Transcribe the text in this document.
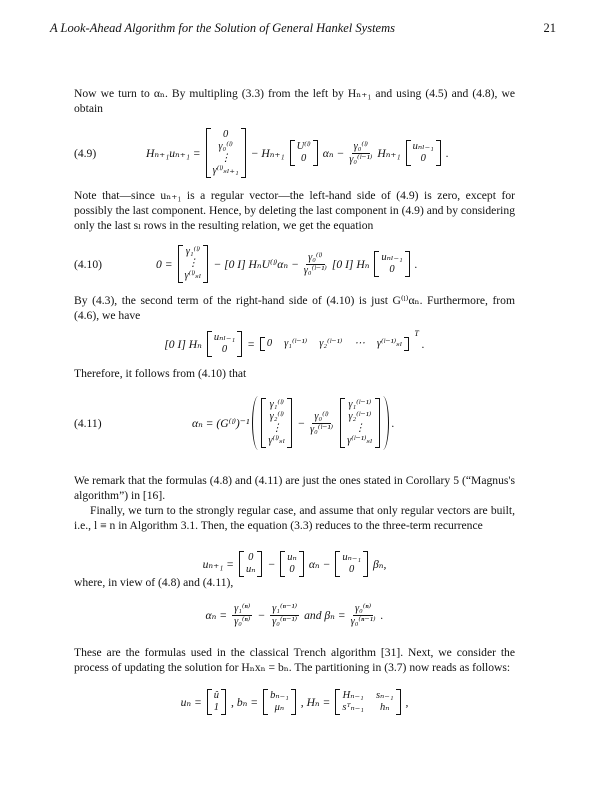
A Look-Ahead Algorithm for the Solution of General Hankel Systems	21
Now we turn to αₙ. By multipling (3.3) from the left by Hₙ₊₁ and using (4.5) and (4.8), we obtain
(4.9)	Hₙ₊₁uₙ₊₁ =
0
γ₀⁽ˡ⁾
⋮
γ⁽ˡ⁾ₛₗ₊₁
− Hₙ₊₁
U⁽ˡ⁾
0	$\alpha_n - \frac{\text{γ₀⁽ˡ⁾}}{\text{γ₀⁽ˡ⁻¹⁾}} H_{n+1}$
uₙₗ₋₁
0	.
Note that—since uₙ₊₁ is a regular vector—the left-hand side of (4.9) is zero, except for possibly the last component. Hence, by deleting the last component in (4.9) and by considering only the last sₗ rows in the resulting relation, we get the equation
(4.10)	0 =
γ₁⁽ˡ⁾
⋮
γ⁽ˡ⁾ₛₗ
− [0 I] HₙU⁽ˡ⁾αₙ − $\frac{\text{γ₀⁽ˡ⁾}}{\text{γ₀⁽ˡ⁻¹⁾}} [0$ I] Hₙ
uₙₗ₋₁
0	.
By (4.3), the second term of the right-hand side of (4.10) is just G⁽ˡ⁾αₙ. Furthermore, from (4.6), we have
[0 I] Hₙ
uₙₗ₋₁
0	= 0 γ₁⁽ˡ⁻¹⁾ γ₂⁽ˡ⁻¹⁾ ⋯ γ⁽ˡ⁻¹⁾ₛₗ
T
.
Therefore, it follows from (4.10) that
(4.11)	αₙ = (G⁽ˡ⁾)⁻¹
γ₁⁽ˡ⁾
γ₂⁽ˡ⁾
⋮
γ⁽ˡ⁾ₛₗ
− $\frac{\text{γ₀⁽ˡ⁾}}{\text{γ₀⁽ˡ⁻¹⁾}}$
γ₁⁽ˡ⁻¹⁾
γ₂⁽ˡ⁻¹⁾
⋮
γ⁽ˡ⁻¹⁾ₛₗ
.
We remark that the formulas (4.8) and (4.11) are just the ones stated in Corollary 5 (“Magnus's algorithm”) in [16].
Finally, we turn to the strongly regular case, and assume that only regular vectors are built, i.e., l ≡ n in Algorithm 3.1. Then, the equation (3.3) reduces to the three-term recurrence
uₙ₊₁ =
0
uₙ − uₙ
0 αₙ −
uₙ₋₁
0	βₙ,
where, in view of (4.8) and (4.11),
$\alpha_n = \frac{\text{γ₁⁽ⁿ⁾}}{\text{γ₀⁽ⁿ⁾}} - \frac{\text{γ₁⁽ⁿ⁻¹⁾}}{\text{γ₀⁽ⁿ⁻¹⁾}}$ and $\beta_n = \frac{\text{γ₀⁽ⁿ⁾}}{\text{γ₀⁽ⁿ⁻¹⁾}}$ .
These are the formulas used in the classical Trench algorithm [31]. Next, we consider the process of updating the solution for Hₙxₙ = bₙ. The partitioning in (3.7) now reads as follows:
uₙ =
û
1 , bₙ =
bₙ₋₁
μₙ	, Hₙ =
Hₙ₋₁ sₙ₋₁
sᵀₙ₋₁	hₙ	,
